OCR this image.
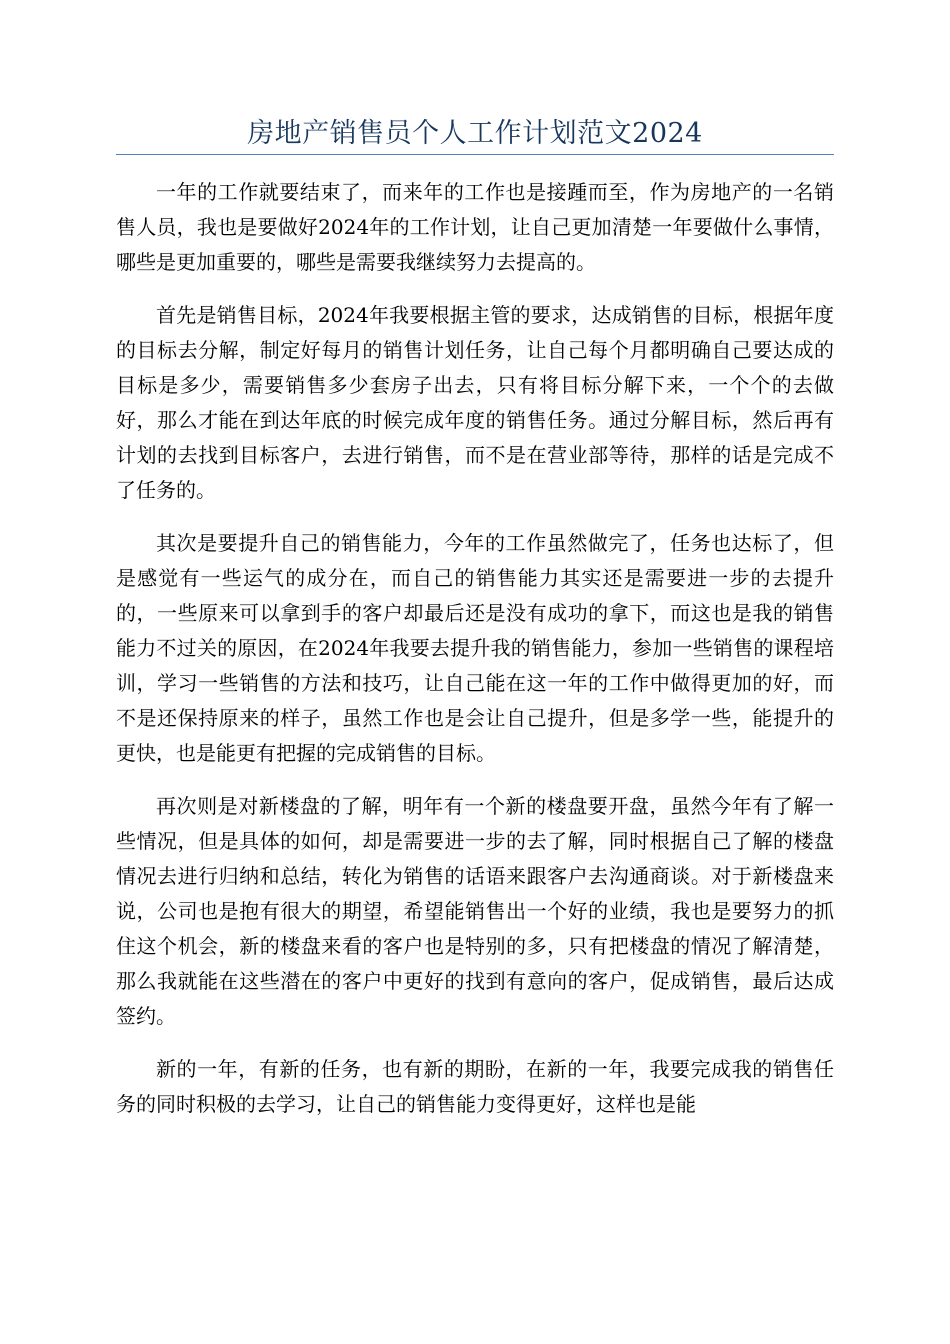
房地产销售员个人工作计划范文2024

一年的工作就要结束了，而来年的工作也是接踵而至，作为房地产的一名销售人员，我也是要做好2024年的工作计划，让自己更加清楚一年要做什么事情，哪些是更加重要的，哪些是需要我继续努力去提高的。

首先是销售目标，2024年我要根据主管的要求，达成销售的目标，根据年度的目标去分解，制定好每月的销售计划任务，让自己每个月都明确自己要达成的目标是多少，需要销售多少套房子出去，只有将目标分解下来，一个个的去做好，那么才能在到达年底的时候完成年度的销售任务。通过分解目标，然后再有计划的去找到目标客户，去进行销售，而不是在营业部等待，那样的话是完成不了任务的。

其次是要提升自己的销售能力，今年的工作虽然做完了，任务也达标了，但是感觉有一些运气的成分在，而自己的销售能力其实还是需要进一步的去提升的，一些原来可以拿到手的客户却最后还是没有成功的拿下，而这也是我的销售能力不过关的原因，在2024年我要去提升我的销售能力，参加一些销售的课程培训，学习一些销售的方法和技巧，让自己能在这一年的工作中做得更加的好，而不是还保持原来的样子，虽然工作也是会让自己提升，但是多学一些，能提升的更快，也是能更有把握的完成销售的目标。

再次则是对新楼盘的了解，明年有一个新的楼盘要开盘，虽然今年有了解一些情况，但是具体的如何，却是需要进一步的去了解，同时根据自己了解的楼盘情况去进行归纳和总结，转化为销售的话语来跟客户去沟通商谈。对于新楼盘来说，公司也是抱有很大的期望，希望能销售出一个好的业绩，我也是要努力的抓住这个机会，新的楼盘来看的客户也是特别的多，只有把楼盘的情况了解清楚，那么我就能在这些潜在的客户中更好的找到有意向的客户，促成销售，最后达成签约。

新的一年，有新的任务，也有新的期盼，在新的一年，我要完成我的销售任务的同时积极的去学习，让自己的销售能力变得更好，这样也是能
